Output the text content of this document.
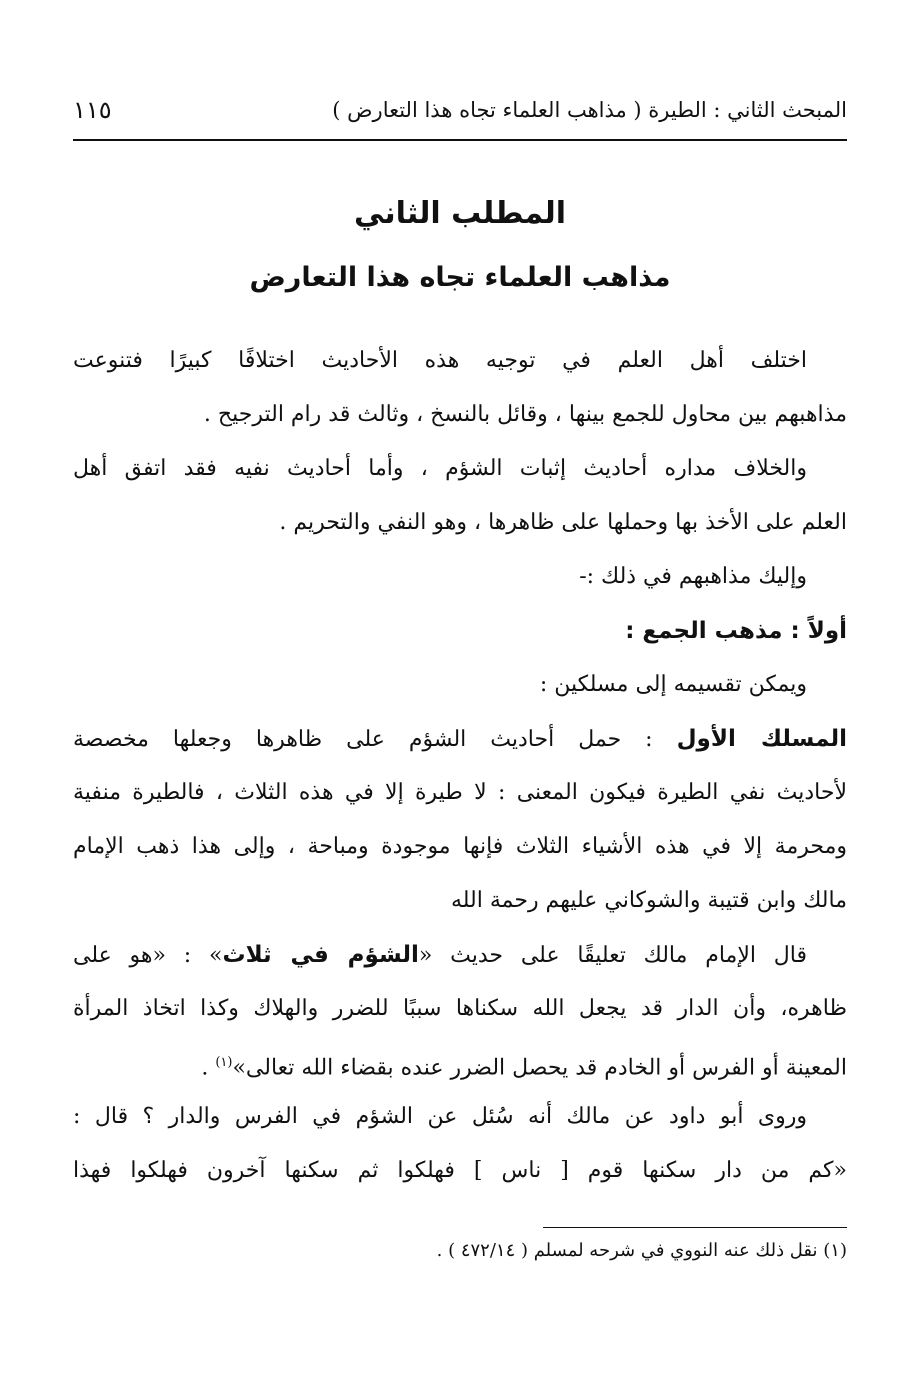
المبحث الثاني : الطيرة ( مذاهب العلماء تجاه هذا التعارض )
١١٥
المطلب الثاني
مذاهب العلماء تجاه هذا التعارض
اختلف أهل العلم في توجيه هذه الأحاديث اختلافًا كبيرًا فتنوعت
مذاهبهم بين محاول للجمع بينها ، وقائل بالنسخ ، وثالث قد رام الترجيح .
والخلاف مداره أحاديث إثبات الشؤم ، وأما أحاديث نفيه فقد اتفق أهل
العلم على الأخذ بها وحملها على ظاهرها ، وهو النفي والتحريم .
وإليك مذاهبهم في ذلك :-
أولاً : مذهب الجمع :
ويمكن تقسيمه إلى مسلكين :
المسلك الأول : حمل أحاديث الشؤم على ظاهرها وجعلها مخصصة
لأحاديث نفي الطيرة فيكون المعنى : لا طيرة إلا في هذه الثلاث ، فالطيرة منفية
ومحرمة إلا في هذه الأشياء الثلاث فإنها موجودة ومباحة ، وإلى هذا ذهب الإمام
مالك وابن قتيبة والشوكاني عليهم رحمة الله
قال الإمام مالك تعليقًا على حديث «الشؤم في ثلاث» : «هو على
ظاهره، وأن الدار قد يجعل الله سكناها سببًا للضرر والهلاك وكذا اتخاذ المرأة
المعينة أو الفرس أو الخادم قد يحصل الضرر عنده بقضاء الله تعالى»$^{(١)}$ .
وروى أبو داود عن مالك أنه سُئل عن الشؤم في الفرس والدار ؟ قال :
«كم من دار سكنها قوم [ ناس ] فهلكوا ثم سكنها آخرون فهلكوا فهذا
(١) نقل ذلك عنه النووي في شرحه لمسلم ( ٤٧٢/١٤ ) .
